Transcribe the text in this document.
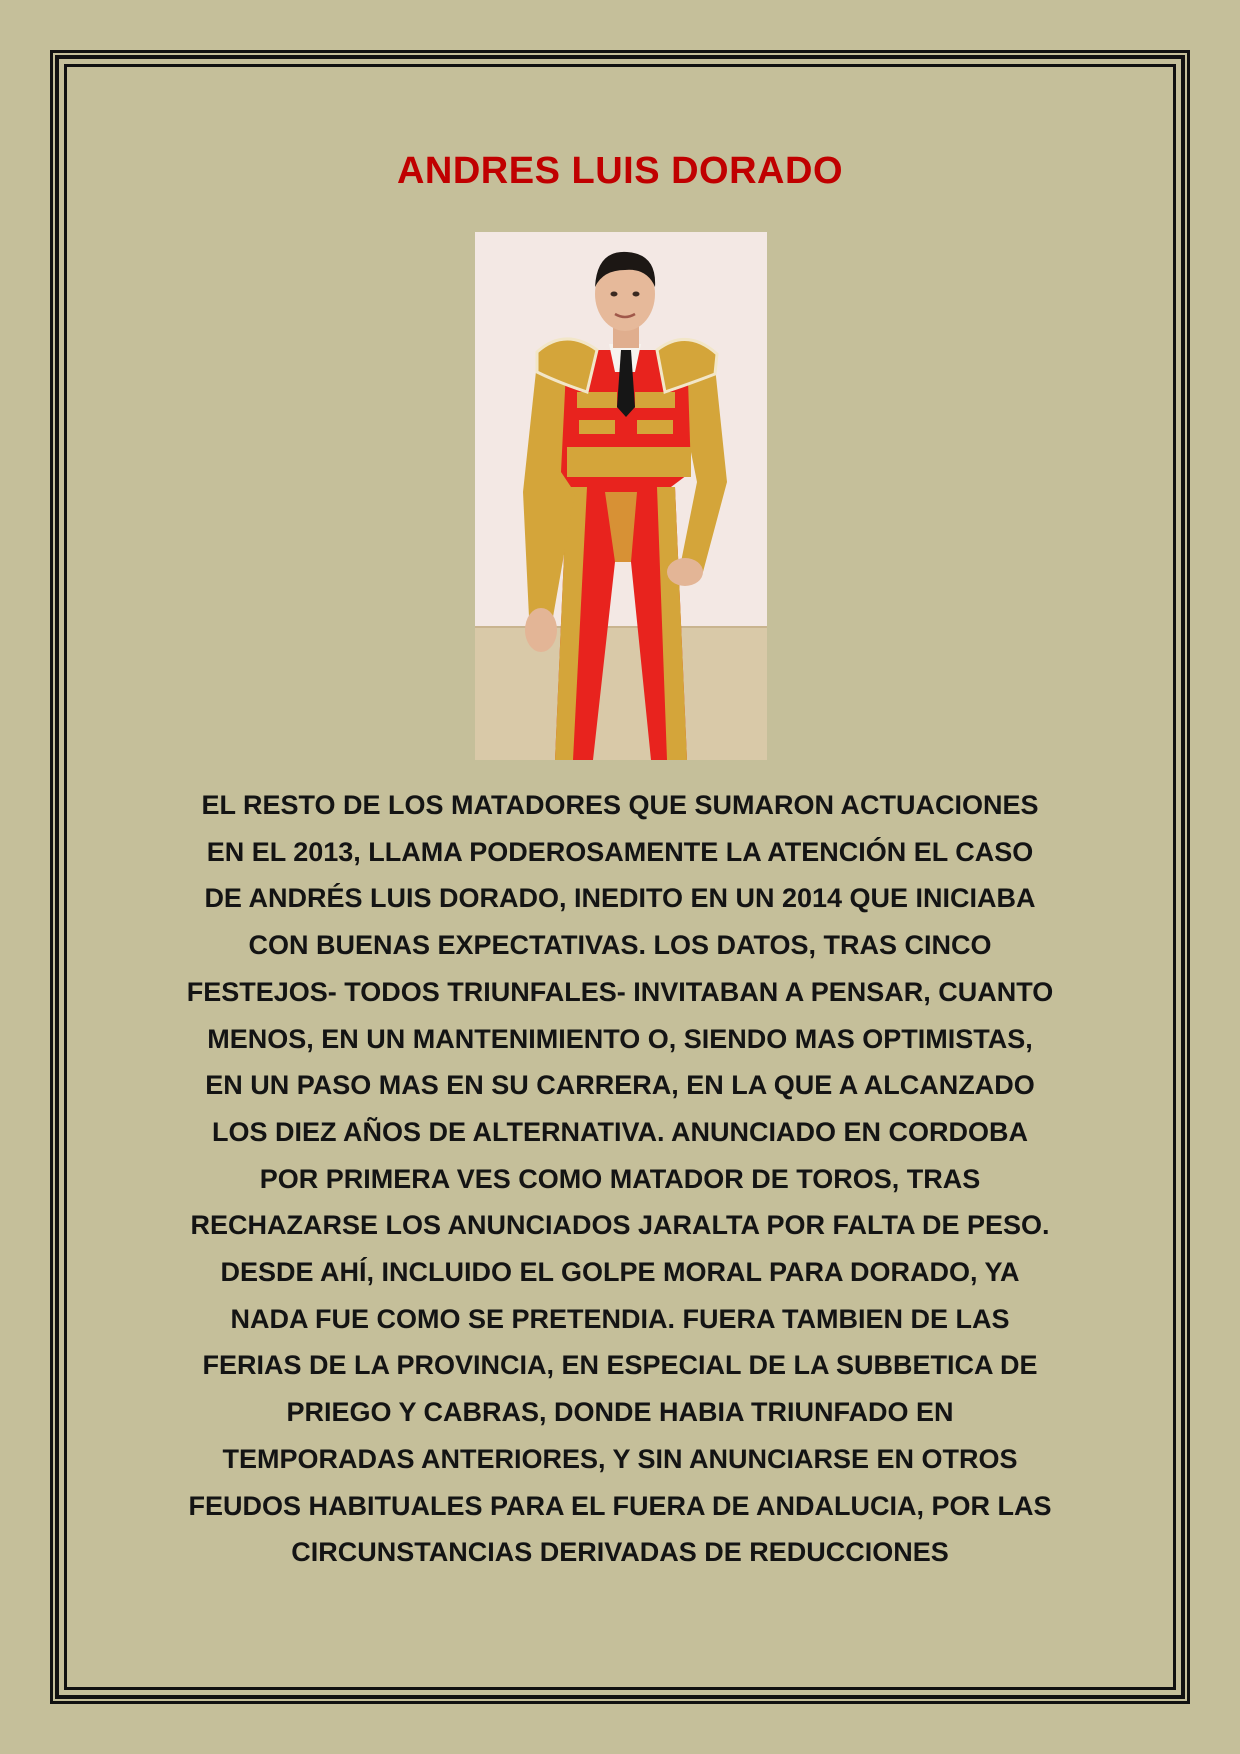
ANDRES LUIS DORADO

EL RESTO DE LOS MATADORES QUE SUMARON ACTUACIONES
EN EL 2013, LLAMA PODEROSAMENTE LA ATENCIÓN EL CASO
DE ANDRÉS LUIS DORADO, INEDITO EN UN 2014 QUE INICIABA
CON BUENAS EXPECTATIVAS. LOS DATOS, TRAS CINCO
FESTEJOS- TODOS TRIUNFALES- INVITABAN A PENSAR, CUANTO
MENOS, EN UN MANTENIMIENTO O, SIENDO MAS OPTIMISTAS,
EN UN PASO MAS EN SU CARRERA, EN LA QUE A ALCANZADO
LOS DIEZ AÑOS DE ALTERNATIVA. ANUNCIADO EN CORDOBA
POR PRIMERA VES COMO MATADOR DE TOROS, TRAS
RECHAZARSE LOS ANUNCIADOS JARALTA POR FALTA DE PESO.
DESDE AHÍ, INCLUIDO EL GOLPE MORAL PARA DORADO, YA
NADA FUE COMO SE PRETENDIA. FUERA TAMBIEN DE LAS
FERIAS DE LA PROVINCIA, EN ESPECIAL DE LA SUBBETICA DE
PRIEGO Y CABRAS, DONDE HABIA TRIUNFADO EN
TEMPORADAS ANTERIORES, Y SIN ANUNCIARSE EN OTROS
FEUDOS HABITUALES PARA EL FUERA DE ANDALUCIA, POR LAS
CIRCUNSTANCIAS DERIVADAS DE REDUCCIONES
